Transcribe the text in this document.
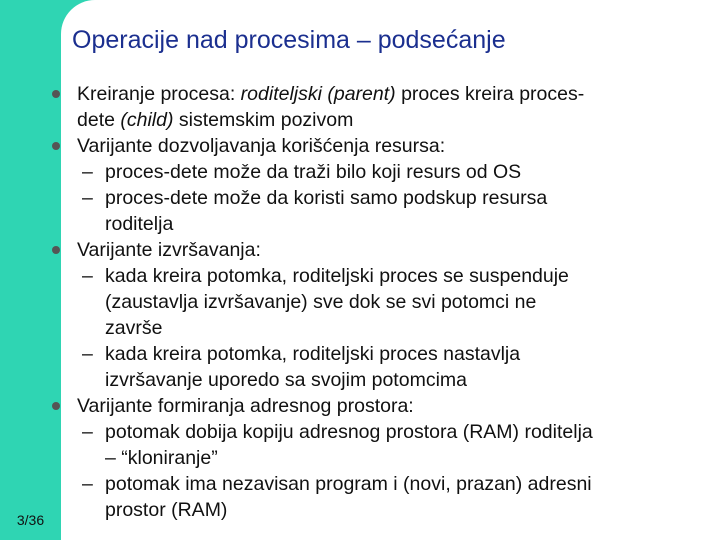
Operacije nad procesima – podsećanje
3/36
Kreiranje procesa: roditeljski (parent) proces kreira proces-
dete (child) sistemskim pozivom
Varijante dozvoljavanja korišćenja resursa:
– proces-dete može da traži bilo koji resurs od OS
– proces-dete može da koristi samo podskup resursa
roditelja
Varijante izvršavanja:
– kada kreira potomka, roditeljski proces se suspenduje
(zaustavlja izvršavanje) sve dok se svi potomci ne
završe
– kada kreira potomka, roditeljski proces nastavlja
izvršavanje uporedo sa svojim potomcima
Varijante formiranja adresnog prostora:
– potomak dobija kopiju adresnog prostora (RAM) roditelja
– “kloniranje”
– potomak ima nezavisan program i (novi, prazan) adresni
prostor (RAM)
